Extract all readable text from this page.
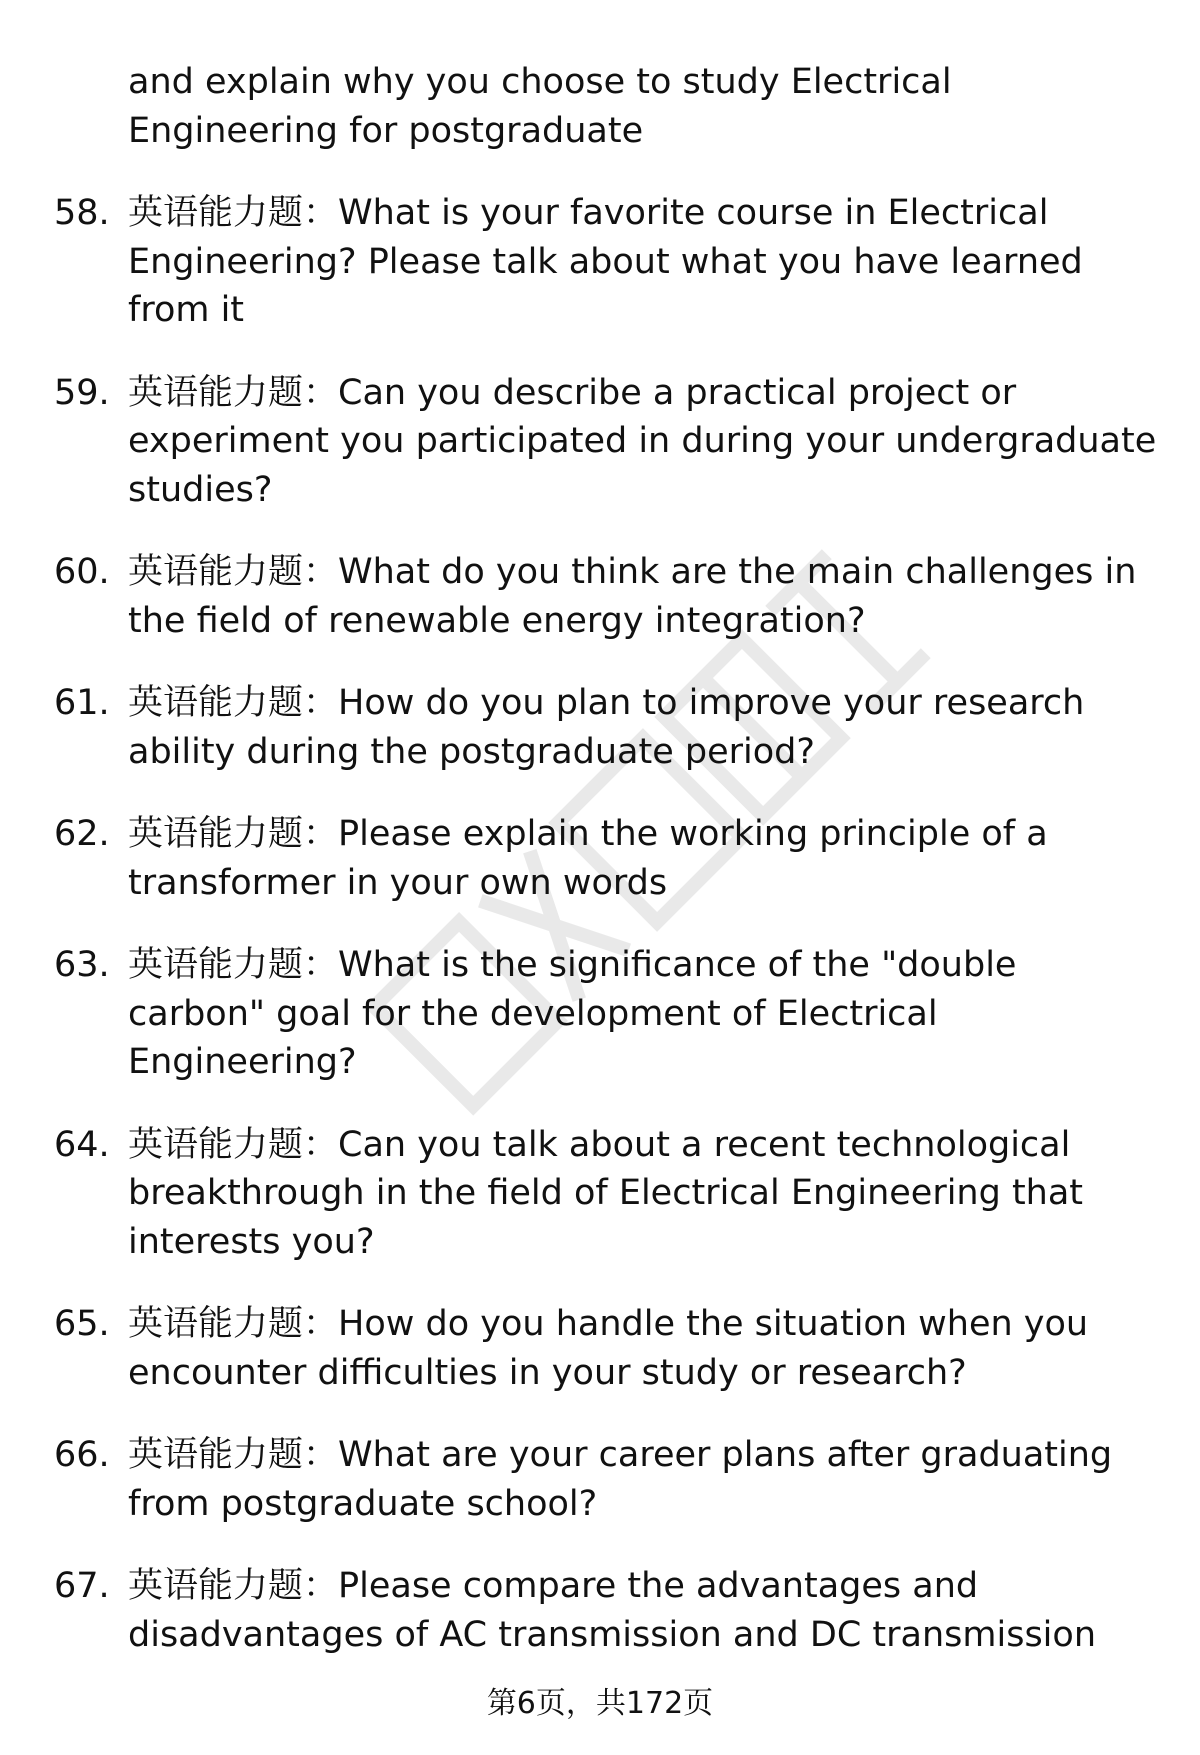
and explain why you choose to study Electrical Engineering for postgraduate
58. 英语能力题：What is your favorite course in Electrical Engineering? Please talk about what you have learned from it
59. 英语能力题：Can you describe a practical project or experiment you participated in during your undergraduate studies?
60. 英语能力题：What do you think are the main challenges in the field of renewable energy integration?
61. 英语能力题：How do you plan to improve your research ability during the postgraduate period?
62. 英语能力题：Please explain the working principle of a transformer in your own words
63. 英语能力题：What is the significance of the "double carbon" goal for the development of Electrical Engineering?
64. 英语能力题：Can you talk about a recent technological breakthrough in the field of Electrical Engineering that interests you?
65. 英语能力题：How do you handle the situation when you encounter difficulties in your study or research?
66. 英语能力题：What are your career plans after graduating from postgraduate school?
67. 英语能力题：Please compare the advantages and disadvantages of AC transmission and DC transmission
第6页，共172页
